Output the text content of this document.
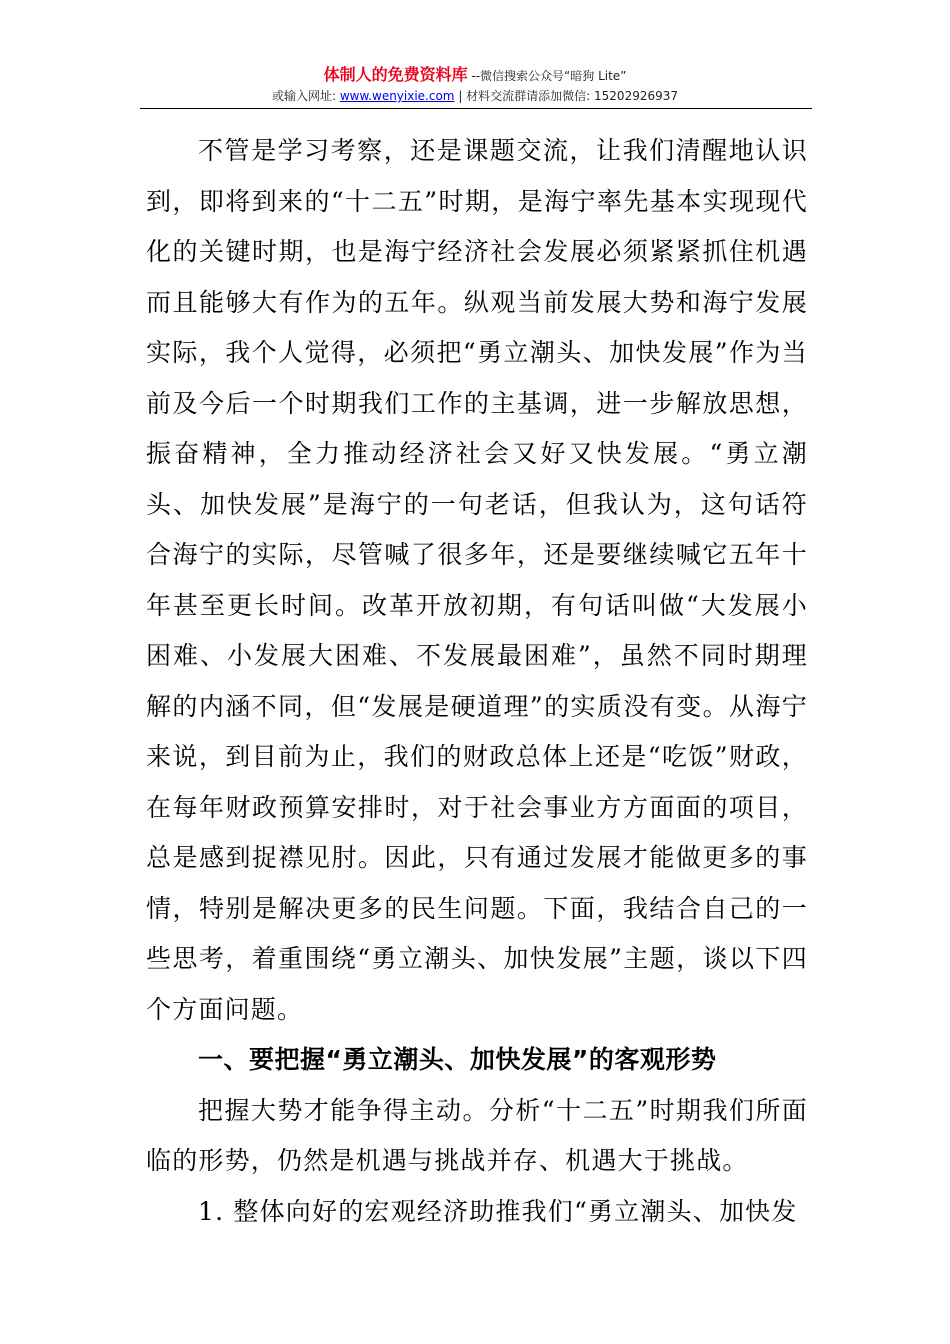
体制人的免费资料库 --微信搜索公众号“暗狗 Lite”
或输入网址: www.wenyixie.com | 材料交流群请添加微信: 15202926937

不管是学习考察，还是课题交流，让我们清醒地认识到，即将到来的“十二五”时期，是海宁率先基本实现现代化的关键时期，也是海宁经济社会发展必须紧紧抓住机遇而且能够大有作为的五年。纵观当前发展大势和海宁发展实际，我个人觉得，必须把“勇立潮头、加快发展”作为当前及今后一个时期我们工作的主基调，进一步解放思想，振奋精神，全力推动经济社会又好又快发展。“勇立潮头、加快发展”是海宁的一句老话，但我认为，这句话符合海宁的实际，尽管喊了很多年，还是要继续喊它五年十年甚至更长时间。改革开放初期，有句话叫做“大发展小困难、小发展大困难、不发展最困难”，虽然不同时期理解的内涵不同，但“发展是硬道理”的实质没有变。从海宁来说，到目前为止，我们的财政总体上还是“吃饭”财政，在每年财政预算安排时，对于社会事业方方面面的项目，总是感到捉襟见肘。因此，只有通过发展才能做更多的事情，特别是解决更多的民生问题。下面，我结合自己的一些思考，着重围绕“勇立潮头、加快发展”主题，谈以下四个方面问题。

一、要把握“勇立潮头、加快发展”的客观形势

把握大势才能争得主动。分析“十二五”时期我们所面临的形势，仍然是机遇与挑战并存、机遇大于挑战。

1. 整体向好的宏观经济助推我们“勇立潮头、加快发
